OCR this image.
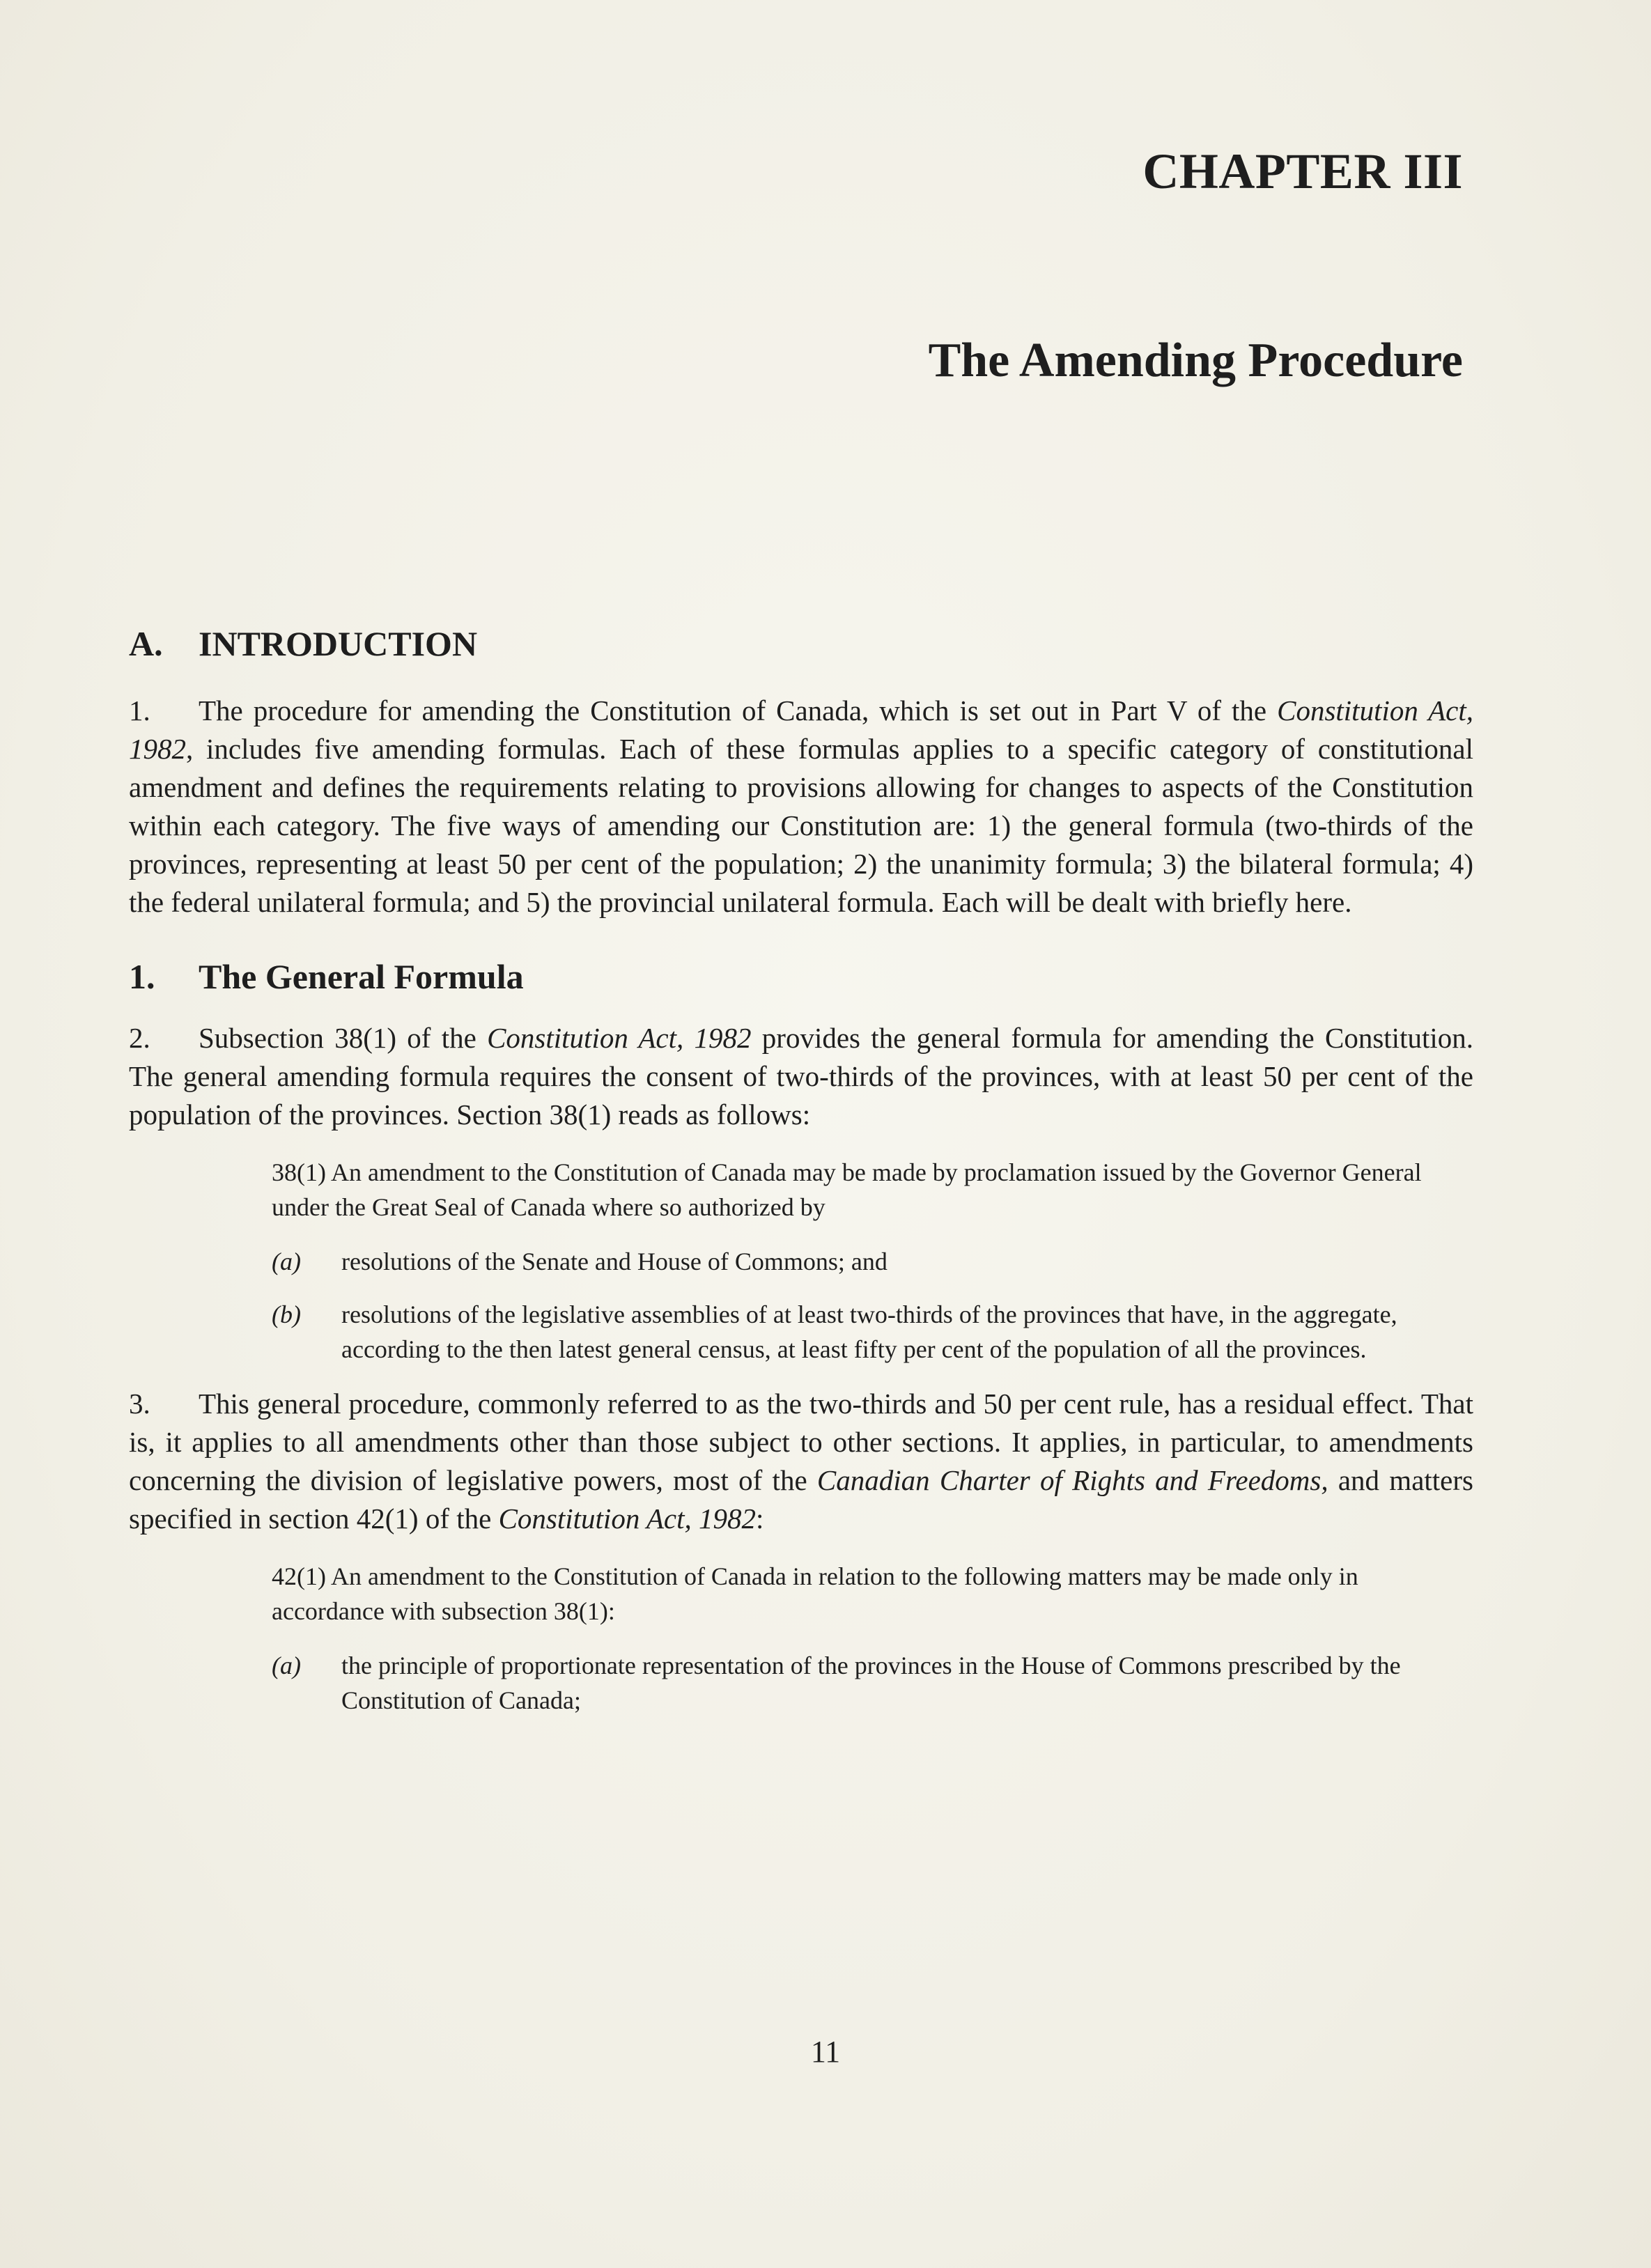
CHAPTER III
The Amending Procedure
A. INTRODUCTION

1. The procedure for amending the Constitution of Canada, which is set out in Part V of the Constitution Act, 1982, includes five amending formulas. Each of these formulas applies to a specific category of constitutional amendment and defines the requirements relating to provisions allowing for changes to aspects of the Constitution within each category. The five ways of amending our Constitution are: 1) the general formula (two-thirds of the provinces, representing at least 50 per cent of the population; 2) the unanimity formula; 3) the bilateral formula; 4) the federal unilateral formula; and 5) the provincial unilateral formula. Each will be dealt with briefly here.

1. The General Formula

2. Subsection 38(1) of the Constitution Act, 1982 provides the general formula for amending the Constitution. The general amending formula requires the consent of two-thirds of the provinces, with at least 50 per cent of the population of the provinces. Section 38(1) reads as follows:

38(1) An amendment to the Constitution of Canada may be made by proclamation issued by the Governor General under the Great Seal of Canada where so authorized by
(a)	resolutions of the Senate and House of Commons; and
(b)	resolutions of the legislative assemblies of at least two-thirds of the provinces that have, in the aggregate, according to the then latest general census, at least fifty per cent of the population of all the provinces.

3. This general procedure, commonly referred to as the two-thirds and 50 per cent rule, has a residual effect. That is, it applies to all amendments other than those subject to other sections. It applies, in particular, to amendments concerning the division of legislative powers, most of the Canadian Charter of Rights and Freedoms, and matters specified in section 42(1) of the Constitution Act, 1982:

42(1) An amendment to the Constitution of Canada in relation to the following matters may be made only in accordance with subsection 38(1):
(a)	the principle of proportionate representation of the provinces in the House of Commons prescribed by the Constitution of Canada;
11
